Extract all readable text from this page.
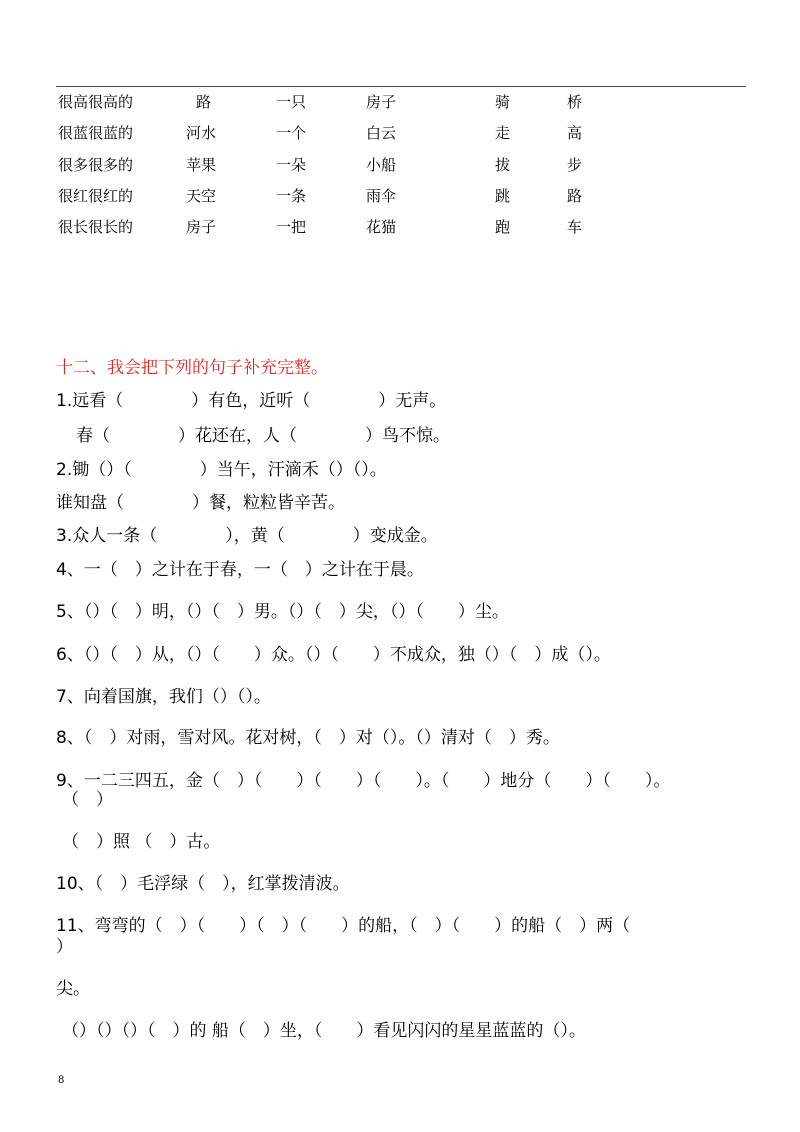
很高很高的	路	一只	房子	骑	桥
很蓝很蓝的	河水	一个	白云	走	高
很多很多的	苹果	一朵	小船	拔	步
很红很红的	天空	一条	雨伞	跳	路
很长很长的	房子	一把	花猫	跑	车
十二、我会把下列的句子补充完整。
1.远看（　　　　）有色，近听（　　　　）无声。
春（　　　　）花还在，人（　　　　）鸟不惊。
2.锄（）（　　　　）当午，汗滴禾（）（）。
谁知盘（　　　　）餐，粒粒皆辛苦。
3.众人一条（　　　　），黄（　　　　）变成金。
4、一（　）之计在于春，一（　）之计在于晨。
5、（）（　）明，（）（　）男。（）（　）尖，（）（　　）尘。
6、（）（　）从，（）（　　）众。（）（　　）不成众，独（）（　）成（）。
7、向着国旗，我们（）（）。
8、（　）对雨，雪对风。花对树，（　）对（）。（）清对（　）秀。
9、一二三四五，金（　）（　　）（　　）（　　）。（　　）地分（　　）（　　）。
（　）
（　）照 （　）古。
10、（　）毛浮绿（　），红掌拨清波。
11、弯弯的（　）（　　）（　）（　　）的船，（　）（　　）的船（　）两（
）
尖。
（）（）（）（　）的 船（　）坐，（　　）看见闪闪的星星蓝蓝的（）。
8
